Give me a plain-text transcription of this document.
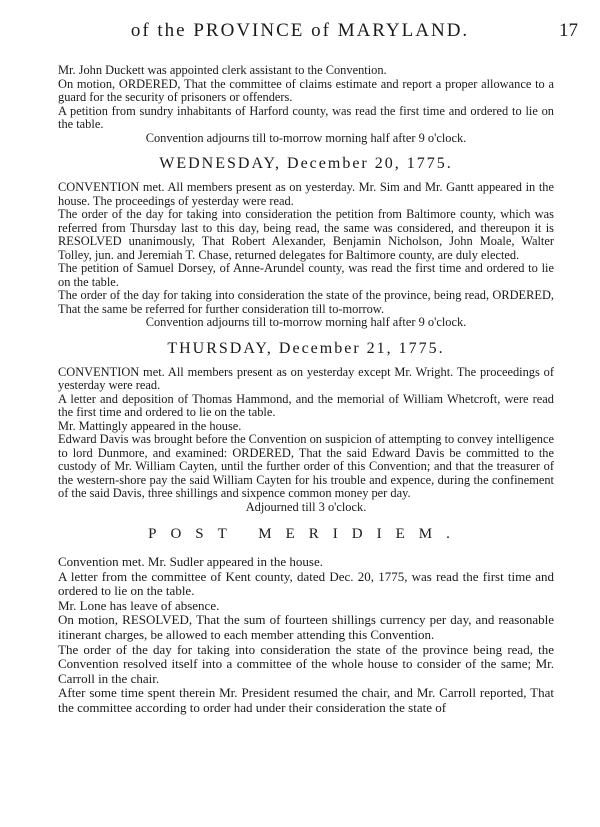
of the PROVINCE of MARYLAND.	17

Mr. John Duckett was appointed clerk assistant to the Convention.

On motion, ORDERED, That the committee of claims estimate and report a proper allowance to a guard for the security of prisoners or offenders.

A petition from sundry inhabitants of Harford county, was read the first time and ordered to lie on the table.

Convention adjourns till to-morrow morning half after 9 o'clock.

WEDNESDAY, December 20, 1775.

CONVENTION met. All members present as on yesterday. Mr. Sim and Mr. Gantt appeared in the house. The proceedings of yesterday were read.

The order of the day for taking into consideration the petition from Baltimore county, which was referred from Thursday last to this day, being read, the same was considered, and thereupon it is RESOLVED unanimously, That Robert Alexander, Benjamin Nicholson, John Moale, Walter Tolley, jun. and Jeremiah T. Chase, returned delegates for Baltimore county, are duly elected.

The petition of Samuel Dorsey, of Anne-Arundel county, was read the first time and ordered to lie on the table.

The order of the day for taking into consideration the state of the province, being read, ORDERED, That the same be referred for further consideration till to-morrow.

Convention adjourns till to-morrow morning half after 9 o'clock.

THURSDAY, December 21, 1775.

CONVENTION met. All members present as on yesterday except Mr. Wright. The proceedings of yesterday were read.

A letter and deposition of Thomas Hammond, and the memorial of William Whetcroft, were read the first time and ordered to lie on the table.

Mr. Mattingly appeared in the house.

Edward Davis was brought before the Convention on suspicion of attempting to convey intelligence to lord Dunmore, and examined: ORDERED, That the said Edward Davis be committed to the custody of Mr. William Cayten, until the further order of this Convention; and that the treasurer of the western-shore pay the said William Cayten for his trouble and expence, during the confinement of the said Davis, three shillings and sixpence common money per day.

Adjourned till 3 o'clock.

POST MERIDIEM.

Convention met. Mr. Sudler appeared in the house.

A letter from the committee of Kent county, dated Dec. 20, 1775, was read the first time and ordered to lie on the table.

Mr. Lone has leave of absence.

On motion, RESOLVED, That the sum of fourteen shillings currency per day, and reasonable itinerant charges, be allowed to each member attending this Convention.

The order of the day for taking into consideration the state of the province being read, the Convention resolved itself into a committee of the whole house to consider of the same; Mr. Carroll in the chair.

After some time spent therein Mr. President resumed the chair, and Mr. Carroll reported, That the committee according to order had under their consideration the state of
